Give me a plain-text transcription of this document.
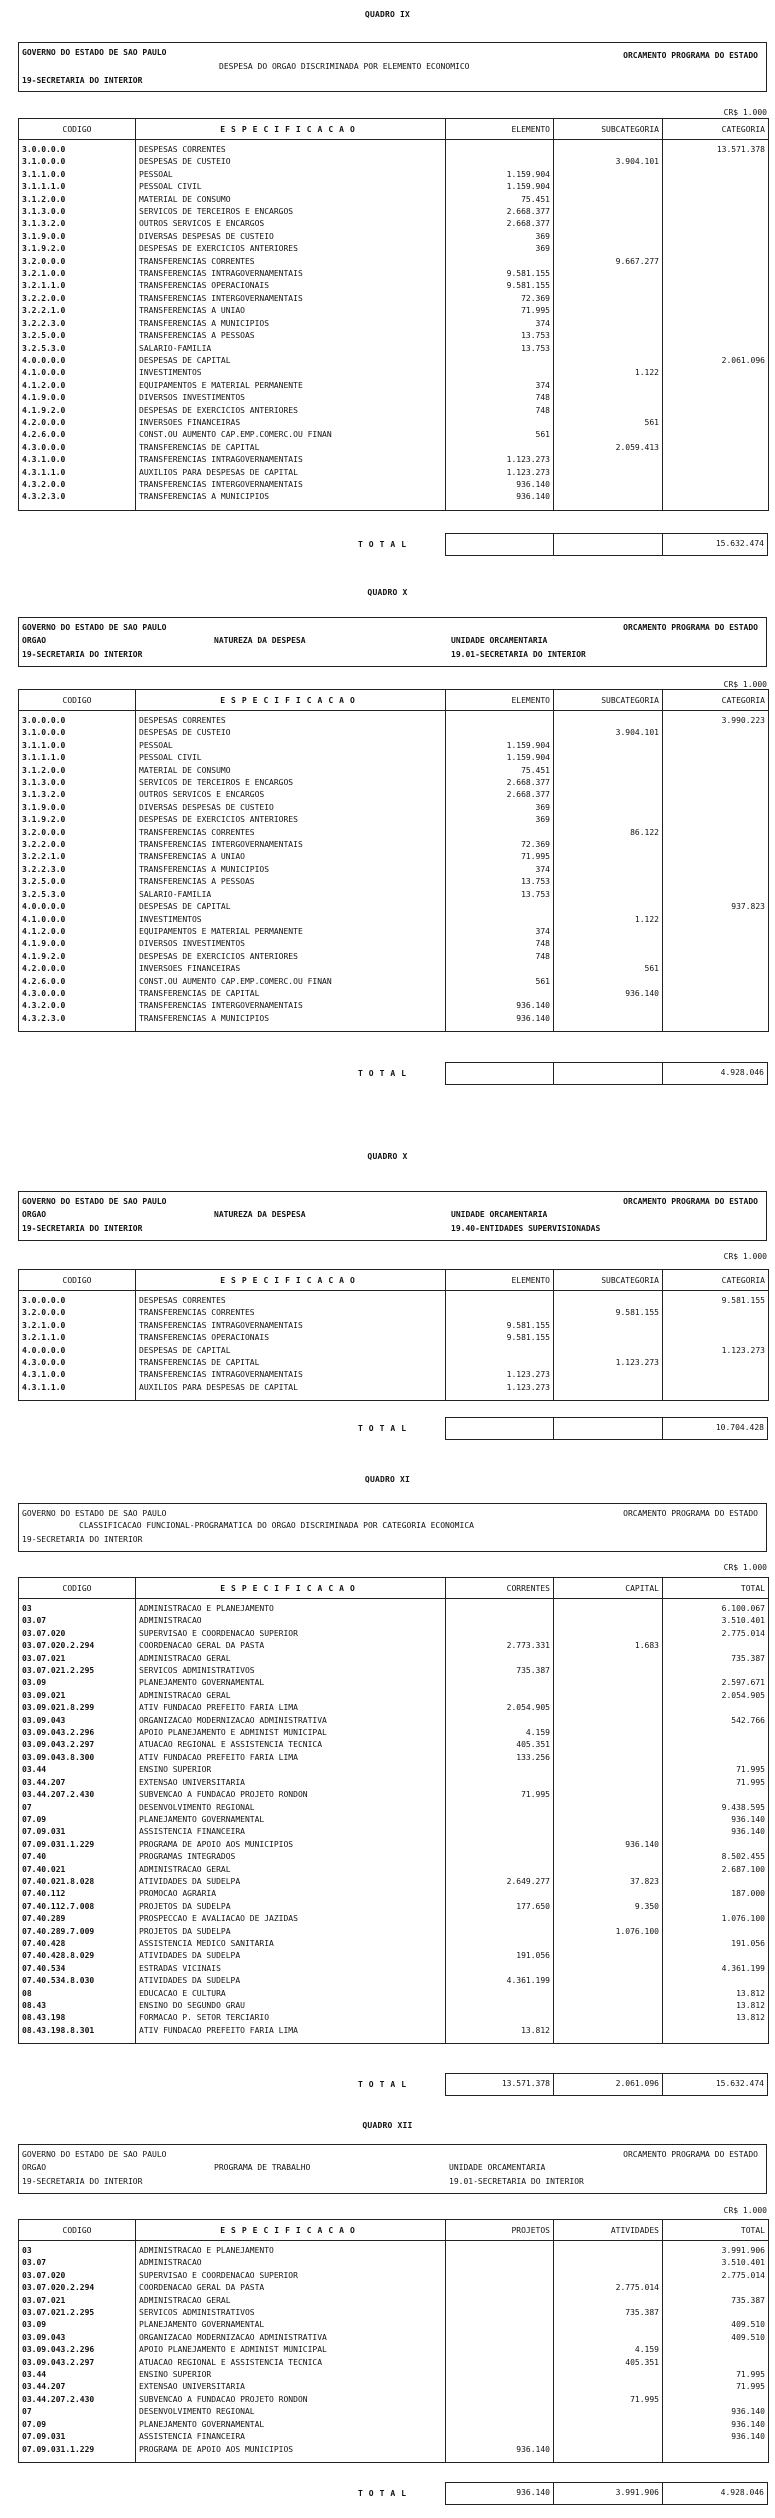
QUADRO IX
GOVERNO DO ESTADO DE SAO PAULO	ORCAMENTO PROGRAMA DO ESTADO
DESPESA DO ORGAO DISCRIMINADA POR ELEMENTO ECONOMICO
19-SECRETARIA DO INTERIOR
CR$ 1.000
CODIGO	ESPECIFICACAO	ELEMENTO	SUBCATEGORIA	CATEGORIA
3.0.0.0.0	DESPESAS CORRENTES			13.571.378
3.1.0.0.0	DESPESAS DE CUSTEIO		3.904.101	
3.1.1.0.0	PESSOAL	1.159.904		
3.1.1.1.0	PESSOAL CIVIL	1.159.904		
3.1.2.0.0	MATERIAL DE CONSUMO	75.451		
3.1.3.0.0	SERVICOS DE TERCEIROS E ENCARGOS	2.668.377		
3.1.3.2.0	OUTROS SERVICOS E ENCARGOS	2.668.377		
3.1.9.0.0	DIVERSAS DESPESAS DE CUSTEIO	369		
3.1.9.2.0	DESPESAS DE EXERCICIOS ANTERIORES	369		
3.2.0.0.0	TRANSFERENCIAS CORRENTES		9.667.277	
3.2.1.0.0	TRANSFERENCIAS INTRAGOVERNAMENTAIS	9.581.155		
3.2.1.1.0	TRANSFERENCIAS OPERACIONAIS	9.581.155		
3.2.2.0.0	TRANSFERENCIAS INTERGOVERNAMENTAIS	72.369		
3.2.2.1.0	TRANSFERENCIAS A UNIAO	71.995		
3.2.2.3.0	TRANSFERENCIAS A MUNICIPIOS	374		
3.2.5.0.0	TRANSFERENCIAS A PESSOAS	13.753		
3.2.5.3.0	SALARIO-FAMILIA	13.753		
4.0.0.0.0	DESPESAS DE CAPITAL			2.061.096
4.1.0.0.0	INVESTIMENTOS		1.122	
4.1.2.0.0	EQUIPAMENTOS E MATERIAL PERMANENTE	374		
4.1.9.0.0	DIVERSOS INVESTIMENTOS	748		
4.1.9.2.0	DESPESAS DE EXERCICIOS ANTERIORES	748		
4.2.0.0.0	INVERSOES FINANCEIRAS		561	
4.2.6.0.0	CONST.OU AUMENTO CAP.EMP.COMERC.OU FINAN	561		
4.3.0.0.0	TRANSFERENCIAS DE CAPITAL		2.059.413	
4.3.1.0.0	TRANSFERENCIAS INTRAGOVERNAMENTAIS	1.123.273		
4.3.1.1.0	AUXILIOS PARA DESPESAS DE CAPITAL	1.123.273		
4.3.2.0.0	TRANSFERENCIAS INTERGOVERNAMENTAIS	936.140		
4.3.2.3.0	TRANSFERENCIAS A MUNICIPIOS	936.140		
TOTAL	15.632.474
QUADRO X
GOVERNO DO ESTADO DE SAO PAULO	ORCAMENTO PROGRAMA DO ESTADO
ORGAO	NATUREZA DA DESPESA	UNIDADE ORCAMENTARIA
19-SECRETARIA DO INTERIOR	19.01-SECRETARIA DO INTERIOR
CR$ 1.000
CODIGO	ESPECIFICACAO	ELEMENTO	SUBCATEGORIA	CATEGORIA
3.0.0.0.0	DESPESAS CORRENTES			3.990.223
3.1.0.0.0	DESPESAS DE CUSTEIO		3.904.101	
3.1.1.0.0	PESSOAL	1.159.904		
3.1.1.1.0	PESSOAL CIVIL	1.159.904		
3.1.2.0.0	MATERIAL DE CONSUMO	75.451		
3.1.3.0.0	SERVICOS DE TERCEIROS E ENCARGOS	2.668.377		
3.1.3.2.0	OUTROS SERVICOS E ENCARGOS	2.668.377		
3.1.9.0.0	DIVERSAS DESPESAS DE CUSTEIO	369		
3.1.9.2.0	DESPESAS DE EXERCICIOS ANTERIORES	369		
3.2.0.0.0	TRANSFERENCIAS CORRENTES		86.122	
3.2.2.0.0	TRANSFERENCIAS INTERGOVERNAMENTAIS	72.369		
3.2.2.1.0	TRANSFERENCIAS A UNIAO	71.995		
3.2.2.3.0	TRANSFERENCIAS A MUNICIPIOS	374		
3.2.5.0.0	TRANSFERENCIAS A PESSOAS	13.753		
3.2.5.3.0	SALARIO-FAMILIA	13.753		
4.0.0.0.0	DESPESAS DE CAPITAL			937.823
4.1.0.0.0	INVESTIMENTOS		1.122	
4.1.2.0.0	EQUIPAMENTOS E MATERIAL PERMANENTE	374		
4.1.9.0.0	DIVERSOS INVESTIMENTOS	748		
4.1.9.2.0	DESPESAS DE EXERCICIOS ANTERIORES	748		
4.2.0.0.0	INVERSOES FINANCEIRAS		561	
4.2.6.0.0	CONST.OU AUMENTO CAP.EMP.COMERC.OU FINAN	561		
4.3.0.0.0	TRANSFERENCIAS DE CAPITAL		936.140	
4.3.2.0.0	TRANSFERENCIAS INTERGOVERNAMENTAIS	936.140		
4.3.2.3.0	TRANSFERENCIAS A MUNICIPIOS	936.140		
TOTAL	4.928.046
QUADRO X
GOVERNO DO ESTADO DE SAO PAULO	ORCAMENTO PROGRAMA DO ESTADO
ORGAO	NATUREZA DA DESPESA	UNIDADE ORCAMENTARIA
19-SECRETARIA DO INTERIOR	19.40-ENTIDADES SUPERVISIONADAS
CR$ 1.000
CODIGO	ESPECIFICACAO	ELEMENTO	SUBCATEGORIA	CATEGORIA
3.0.0.0.0	DESPESAS CORRENTES			9.581.155
3.2.0.0.0	TRANSFERENCIAS CORRENTES		9.581.155	
3.2.1.0.0	TRANSFERENCIAS INTRAGOVERNAMENTAIS	9.581.155		
3.2.1.1.0	TRANSFERENCIAS OPERACIONAIS	9.581.155		
4.0.0.0.0	DESPESAS DE CAPITAL			1.123.273
4.3.0.0.0	TRANSFERENCIAS DE CAPITAL		1.123.273	
4.3.1.0.0	TRANSFERENCIAS INTRAGOVERNAMENTAIS	1.123.273		
4.3.1.1.0	AUXILIOS PARA DESPESAS DE CAPITAL	1.123.273		
TOTAL	10.704.428
QUADRO XI
GOVERNO DO ESTADO DE SAO PAULO	ORCAMENTO PROGRAMA DO ESTADO
CLASSIFICACAO FUNCIONAL-PROGRAMATICA DO ORGAO DISCRIMINADA POR CATEGORIA ECONOMICA
19-SECRETARIA DO INTERIOR
CR$ 1.000
CODIGO	ESPECIFICACAO	CORRENTES	CAPITAL	TOTAL
03	ADMINISTRACAO E PLANEJAMENTO			6.100.067
03.07	ADMINISTRACAO			3.510.401
03.07.020	SUPERVISAO E COORDENACAO SUPERIOR			2.775.014
03.07.020.2.294	COORDENACAO GERAL DA PASTA	2.773.331	1.683	
03.07.021	ADMINISTRACAO GERAL			735.387
03.07.021.2.295	SERVICOS ADMINISTRATIVOS	735.387		
03.09	PLANEJAMENTO GOVERNAMENTAL			2.597.671
03.09.021	ADMINISTRACAO GERAL			2.054.905
03.09.021.8.299	ATIV FUNDACAO PREFEITO FARIA LIMA	2.054.905		
03.09.043	ORGANIZACAO MODERNIZACAO ADMINISTRATIVA			542.766
03.09.043.2.296	APOIO PLANEJAMENTO E ADMINIST MUNICIPAL	4.159		
03.09.043.2.297	ATUACAO REGIONAL E ASSISTENCIA TECNICA	405.351		
03.09.043.8.300	ATIV FUNDACAO PREFEITO FARIA LIMA	133.256		
03.44	ENSINO SUPERIOR			71.995
03.44.207	EXTENSAO UNIVERSITARIA			71.995
03.44.207.2.430	SUBVENCAO A FUNDACAO PROJETO RONDON	71.995		
07	DESENVOLVIMENTO REGIONAL			9.438.595
07.09	PLANEJAMENTO GOVERNAMENTAL			936.140
07.09.031	ASSISTENCIA FINANCEIRA			936.140
07.09.031.1.229	PROGRAMA DE APOIO AOS MUNICIPIOS		936.140	
07.40	PROGRAMAS INTEGRADOS			8.502.455
07.40.021	ADMINISTRACAO GERAL			2.687.100
07.40.021.8.028	ATIVIDADES DA SUDELPA	2.649.277	37.823	
07.40.112	PROMOCAO AGRARIA			187.000
07.40.112.7.008	PROJETOS DA SUDELPA	177.650	9.350	
07.40.289	PROSPECCAO E AVALIACAO DE JAZIDAS			1.076.100
07.40.289.7.009	PROJETOS DA SUDELPA		1.076.100	
07.40.428	ASSISTENCIA MEDICO SANITARIA			191.056
07.40.428.8.029	ATIVIDADES DA SUDELPA	191.056		
07.40.534	ESTRADAS VICINAIS			4.361.199
07.40.534.8.030	ATIVIDADES DA SUDELPA	4.361.199		
08	EDUCACAO E CULTURA			13.812
08.43	ENSINO DO SEGUNDO GRAU			13.812
08.43.198	FORMACAO P. SETOR TERCIARIO			13.812
08.43.198.8.301	ATIV FUNDACAO PREFEITO FARIA LIMA	13.812		
TOTAL	13.571.378	2.061.096	15.632.474
QUADRO XII
GOVERNO DO ESTADO DE SAO PAULO	ORCAMENTO PROGRAMA DO ESTADO
ORGAO	PROGRAMA DE TRABALHO	UNIDADE ORCAMENTARIA
19-SECRETARIA DO INTERIOR	19.01-SECRETARIA DO INTERIOR
CR$ 1.000
CODIGO	ESPECIFICACAO	PROJETOS	ATIVIDADES	TOTAL
03	ADMINISTRACAO E PLANEJAMENTO			3.991.906
03.07	ADMINISTRACAO			3.510.401
03.07.020	SUPERVISAO E COORDENACAO SUPERIOR			2.775.014
03.07.020.2.294	COORDENACAO GERAL DA PASTA		2.775.014	
03.07.021	ADMINISTRACAO GERAL			735.387
03.07.021.2.295	SERVICOS ADMINISTRATIVOS		735.387	
03.09	PLANEJAMENTO GOVERNAMENTAL			409.510
03.09.043	ORGANIZACAO MODERNIZACAO ADMINISTRATIVA			409.510
03.09.043.2.296	APOIO PLANEJAMENTO E ADMINIST MUNICIPAL		4.159	
03.09.043.2.297	ATUACAO REGIONAL E ASSISTENCIA TECNICA		405.351	
03.44	ENSINO SUPERIOR			71.995
03.44.207	EXTENSAO UNIVERSITARIA			71.995
03.44.207.2.430	SUBVENCAO A FUNDACAO PROJETO RONDON		71.995	
07	DESENVOLVIMENTO REGIONAL			936.140
07.09	PLANEJAMENTO GOVERNAMENTAL			936.140
07.09.031	ASSISTENCIA FINANCEIRA			936.140
07.09.031.1.229	PROGRAMA DE APOIO AOS MUNICIPIOS	936.140		
TOTAL	936.140	3.991.906	4.928.046
